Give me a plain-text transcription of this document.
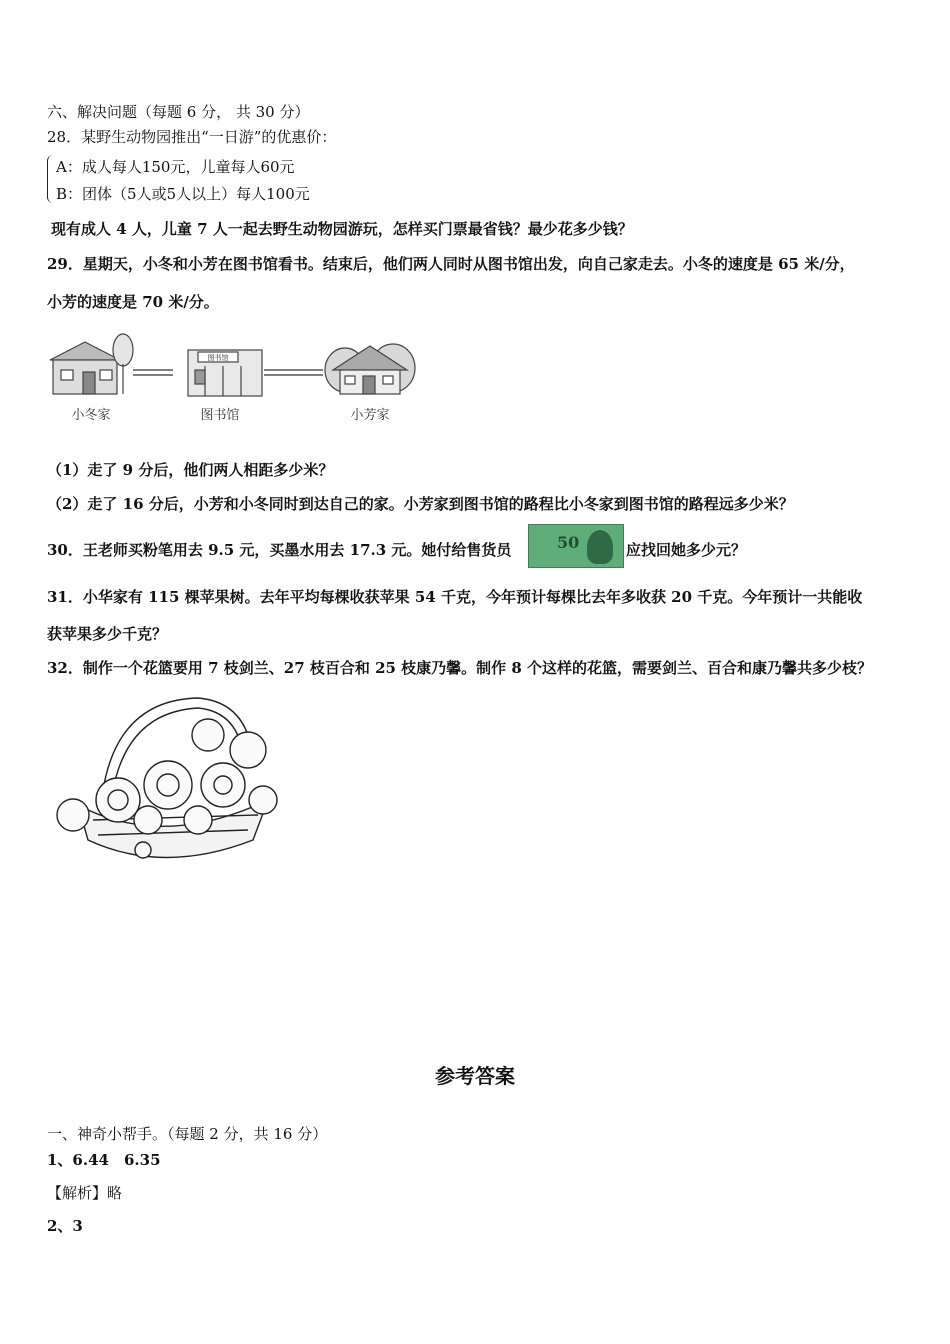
六、解决问题（每题 6 分， 共 30 分）
28．某野生动物园推出“一日游”的优惠价：
A：成人每人150元，儿童每人60元
B：团体（5人或5人以上）每人100元
现有成人 4 人，儿童 7 人一起去野生动物园游玩，怎样买门票最省钱？最少花多少钱？
29．星期天，小冬和小芳在图书馆看书。结束后，他们两人同时从图书馆出发，向自己家走去。小冬的速度是 65 米/分，
小芳的速度是 70 米/分。
图书馆
小冬家	图书馆	小芳家
（1）走了 9 分后，他们两人相距多少米？
（2）走了 16 分后，小芳和小冬同时到达自己的家。小芳家到图书馆的路程比小冬家到图书馆的路程远多少米？
30．王老师买粉笔用去 9.5 元，买墨水用去 17.3 元。她付给售货员	50	应找回她多少元？
31．小华家有 115 棵苹果树。去年平均每棵收获苹果 54 千克，今年预计每棵比去年多收获 20 千克。今年预计一共能收
获苹果多少千克？
32．制作一个花篮要用 7 枝剑兰、27 枝百合和 25 枝康乃馨。制作 8 个这样的花篮，需要剑兰、百合和康乃馨共多少枝？
参考答案
一、神奇小帮手。（每题 2 分，共 16 分）
1、6.44　6.35
【解析】略
2、3
